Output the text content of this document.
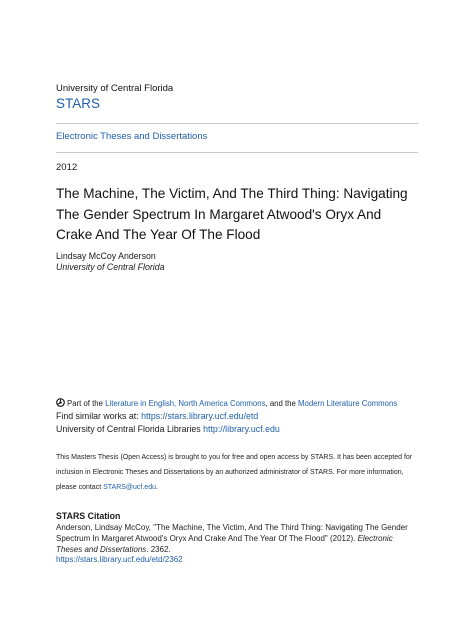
University of Central Florida
STARS
Electronic Theses and Dissertations
2012
The Machine, The Victim, And The Third Thing: Navigating The Gender Spectrum In Margaret Atwood's Oryx And Crake And The Year Of The Flood
Lindsay McCoy Anderson
University of Central Florida
Part of the Literature in English, North America Commons, and the Modern Literature Commons
Find similar works at: https://stars.library.ucf.edu/etd
University of Central Florida Libraries http://library.ucf.edu
This Masters Thesis (Open Access) is brought to you for free and open access by STARS. It has been accepted for inclusion in Electronic Theses and Dissertations by an authorized administrator of STARS. For more information, please contact STARS@ucf.edu.
STARS Citation
Anderson, Lindsay McCoy, "The Machine, The Victim, And The Third Thing: Navigating The Gender Spectrum In Margaret Atwood's Oryx And Crake And The Year Of The Flood" (2012). Electronic Theses and Dissertations. 2362.
https://stars.library.ucf.edu/etd/2362
